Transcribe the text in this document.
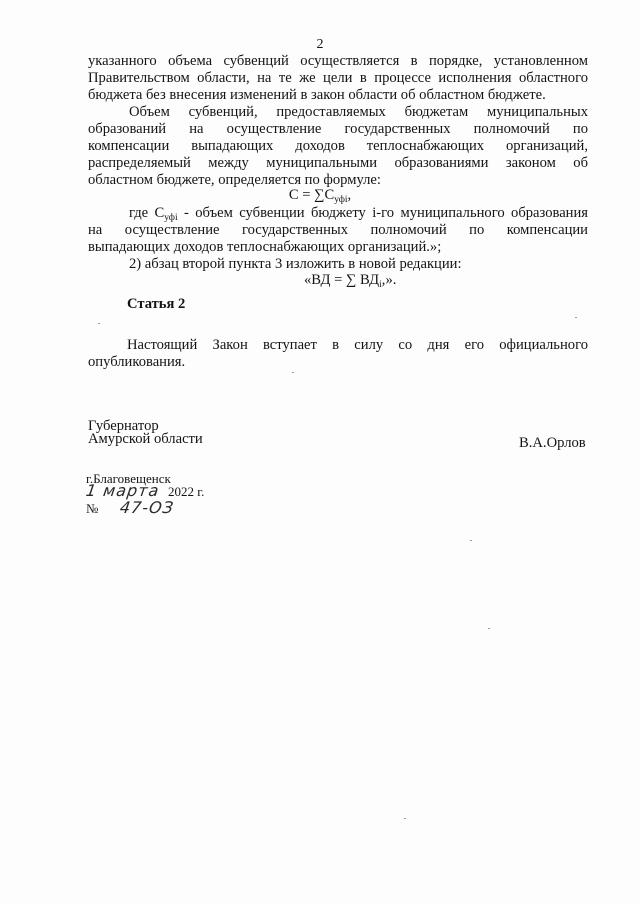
2
указанного объема субвенций осуществляется в порядке, установленном
Правительством области, на те же цели в процессе исполнения областного
бюджета без внесения изменений в закон области об областном бюджете.
Объем субвенций, предоставляемых бюджетам муниципальных
образований на осуществление государственных полномочий по
компенсации выпадающих доходов теплоснабжающих организаций,
распределяемый между муниципальными образованиями законом об
областном бюджете, определяется по формуле:
$С = \sum С_{уфi}$,
где $С_{уфi}$ - объем субвенции бюджету i-го муниципального образования
на осуществление государственных полномочий по компенсации
выпадающих доходов теплоснабжающих организаций.»;
2) абзац второй пункта 3 изложить в новой редакции:
«ВД = ∑ $ВД_i$,».
Статья 2
Настоящий Закон вступает в силу со дня его официального
опубликования.
Губернатор
Амурской области	В.А.Орлов
г.Благовещенск
1 марта 2022 г.
№ 47-ОЗ
